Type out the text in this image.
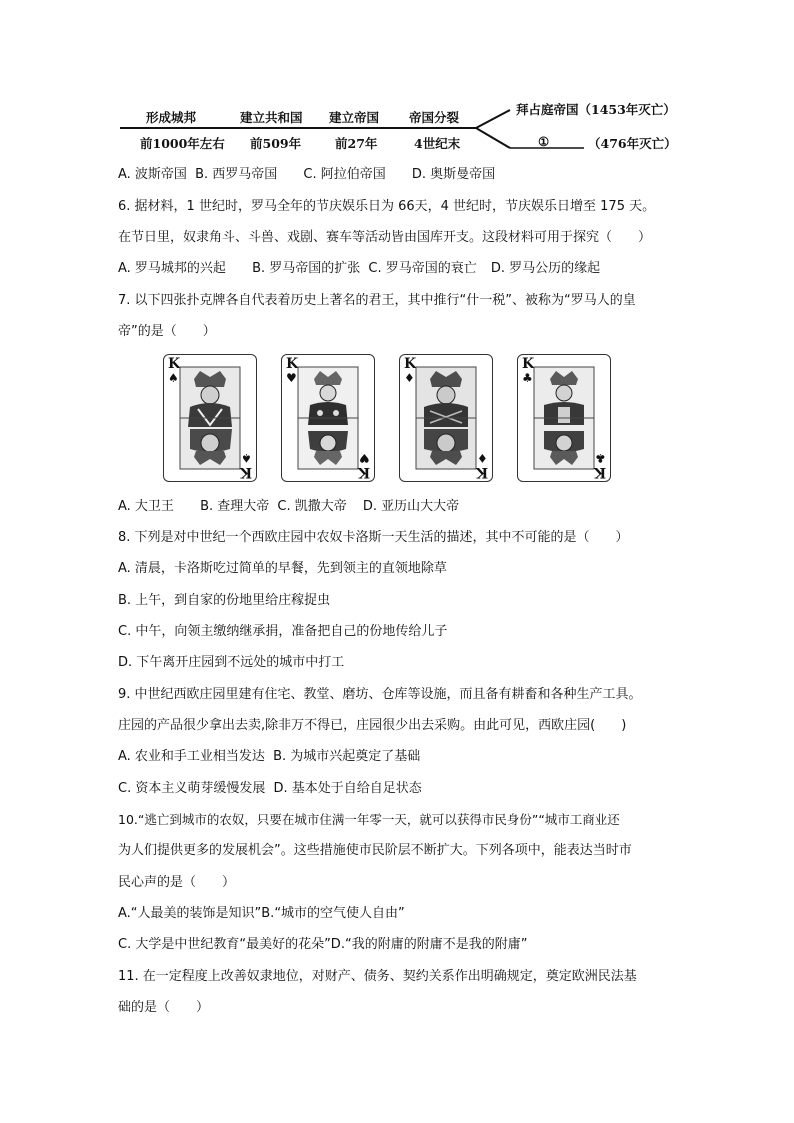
形成城邦	建立共和国 建立帝国 帝国分裂
前1000年左右 前509年	前27年	4世纪末
拜占庭帝国（1453年灭亡）
①	（476年灭亡）
A. 波斯帝国 B. 西罗马帝国 C. 阿拉伯帝国 D. 奥斯曼帝国
6. 据材料，1 世纪时，罗马全年的节庆娱乐日为 66天，4 世纪时，节庆娱乐日增至 175 天。
在节日里，奴隶角斗、斗兽、戏剧、赛车等活动皆由国库开支。这段材料可用于探究（　　）
A. 罗马城邦的兴起 B. 罗马帝国的扩张 C. 罗马帝国的衰亡 D. 罗马公历的缘起
7. 以下四张扑克牌各自代表着历史上著名的君王，其中推行“什一税”、被称为“罗马人的皇
帝”的是（　　）
K
♠
♠
K
K
♥
♥
K
K
♦
♦
K
K
♣
♣
K
A. 大卫王 B. 查理大帝 C. 凯撒大帝 D. 亚历山大大帝
8. 下列是对中世纪一个西欧庄园中农奴卡洛斯一天生活的描述，其中不可能的是（　　）
A. 清晨，卡洛斯吃过简单的早餐，先到领主的直领地除草
B. 上午，到自家的份地里给庄稼捉虫
C. 中午，向领主缴纳继承捐，准备把自己的份地传给儿子
D. 下午离开庄园到不远处的城市中打工
9. 中世纪西欧庄园里建有住宅、教堂、磨坊、仓库等设施，而且备有耕畜和各种生产工具。
庄园的产品很少拿出去卖,除非万不得已，庄园很少出去采购。由此可见，西欧庄园(　　)
A. 农业和手工业相当发达 B. 为城市兴起奠定了基础
C. 资本主义萌芽缓慢发展 D. 基本处于自给自足状态
10.“逃亡到城市的农奴，只要在城市住满一年零一天，就可以获得市民身份”“城市工商业还
为人们提供更多的发展机会”。这些措施使市民阶层不断扩大。下列各项中，能表达当时市
民心声的是（　　）
A.“人最美的装饰是知识”B.“城市的空气使人自由”
C. 大学是中世纪教育“最美好的花朵”D.“我的附庸的附庸不是我的附庸”
11. 在一定程度上改善奴隶地位，对财产、债务、契约关系作出明确规定，奠定欧洲民法基
础的是（　　）
